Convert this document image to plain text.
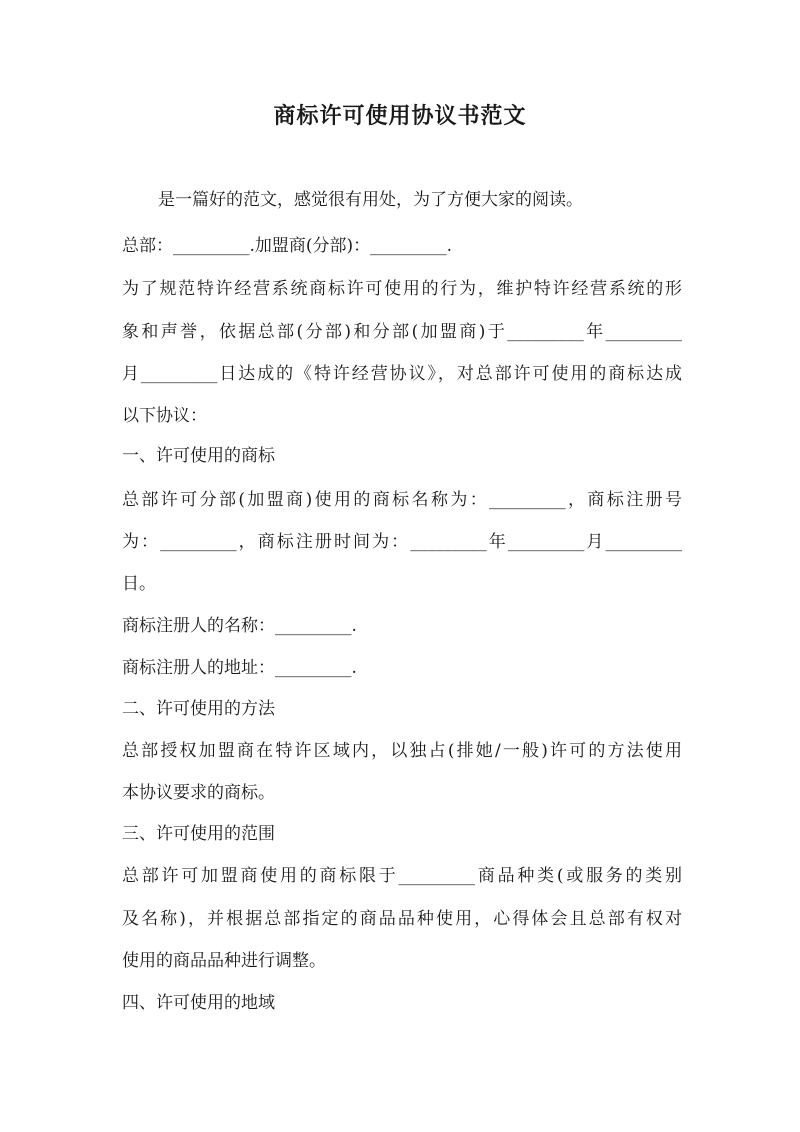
商标许可使用协议书范文
是一篇好的范文，感觉很有用处，为了方便大家的阅读。
总部：_________.加盟商(分部)：_________.
为了规范特许经营系统商标许可使用的行为，维护特许经营系统的形
象和声誉，依据总部(分部)和分部(加盟商)于_________年_________
月_________日达成的《特许经营协议》，对总部许可使用的商标达成
以下协议：
一、许可使用的商标
总部许可分部(加盟商)使用的商标名称为：_________，商标注册号
为：_________，商标注册时间为：_________年_________月_________
日。
商标注册人的名称：_________.
商标注册人的地址：_________.
二、许可使用的方法
总部授权加盟商在特许区域内，以独占(排她/一般)许可的方法使用
本协议要求的商标。
三、许可使用的范围
总部许可加盟商使用的商标限于_________商品种类(或服务的类别
及名称)，并根据总部指定的商品品种使用，心得体会且总部有权对
使用的商品品种进行调整。
四、许可使用的地域
